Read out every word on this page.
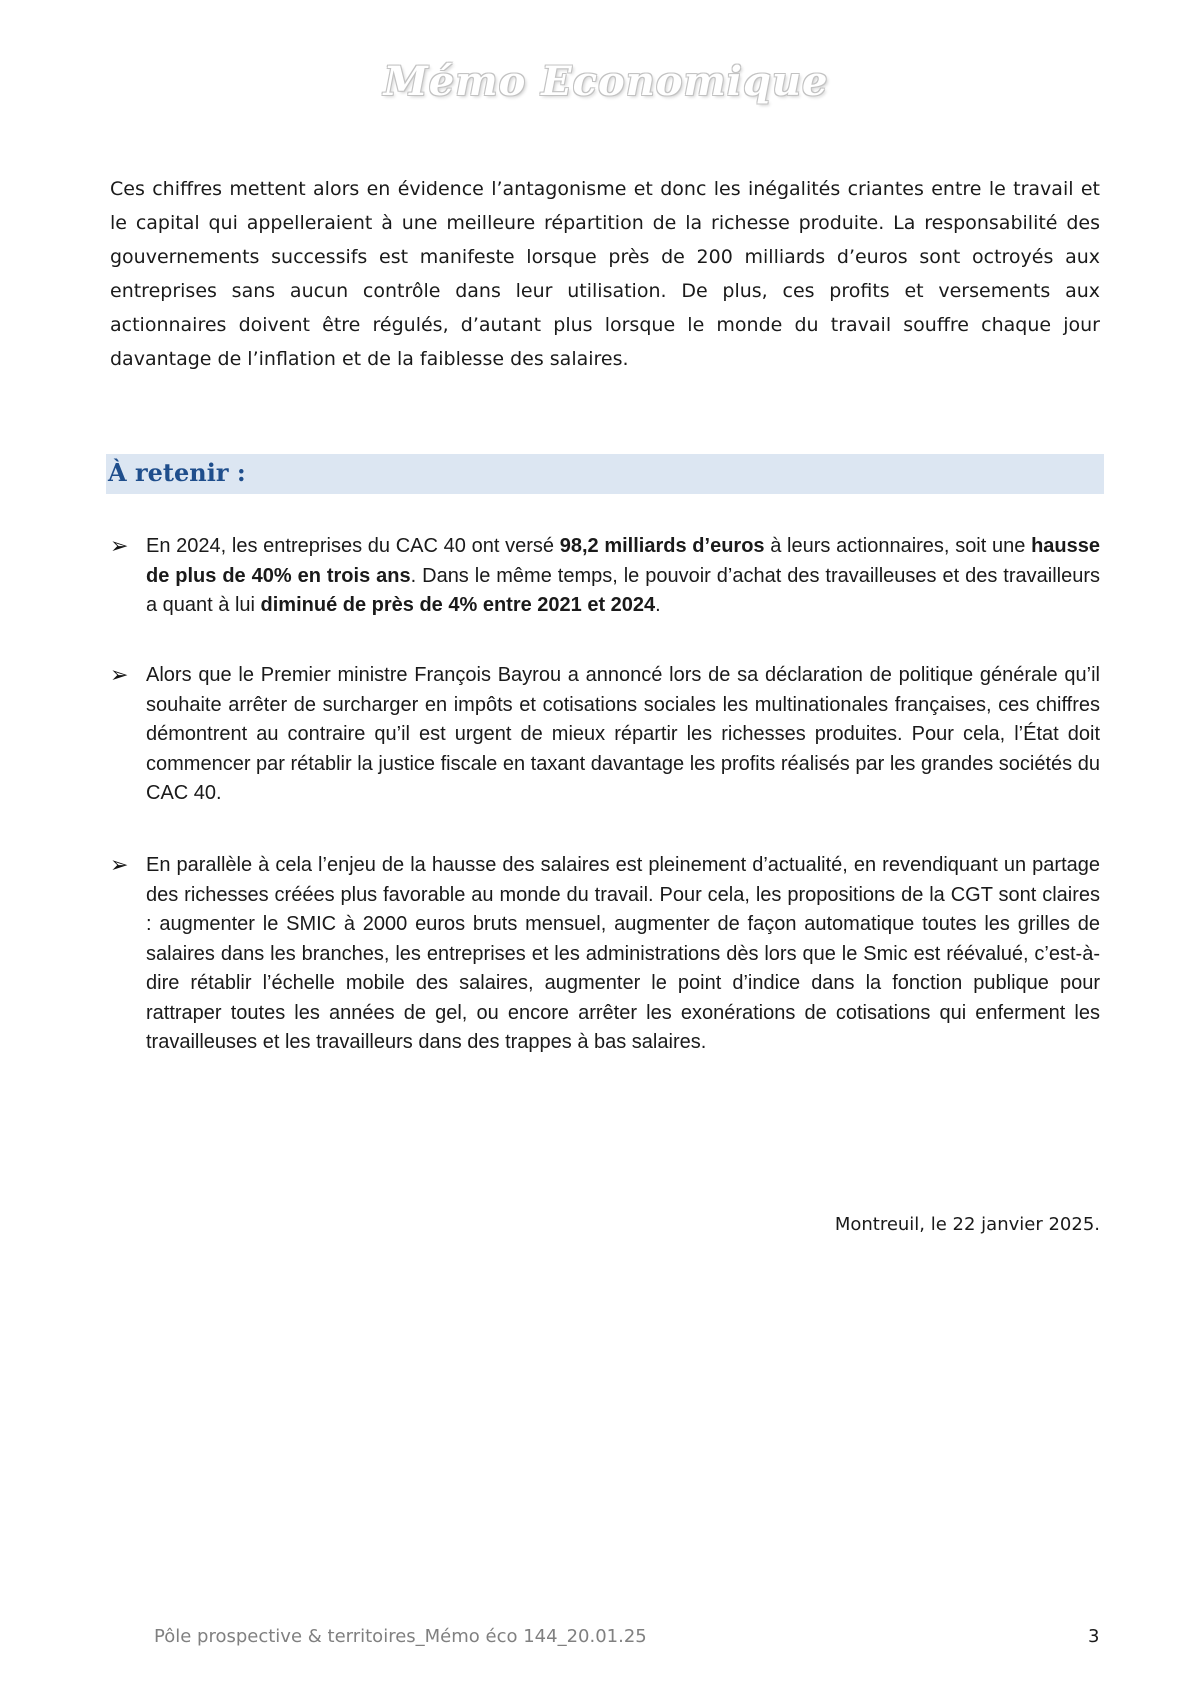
Mémo Economique

Ces chiffres mettent alors en évidence l’antagonisme et donc les inégalités criantes entre le travail et le capital qui appelleraient à une meilleure répartition de la richesse produite. La responsabilité des gouvernements successifs est manifeste lorsque près de 200 milliards d’euros sont octroyés aux entreprises sans aucun contrôle dans leur utilisation. De plus, ces profits et versements aux actionnaires doivent être régulés, d’autant plus lorsque le monde du travail souffre chaque jour davantage de l’inflation et de la faiblesse des salaires.

À retenir :
➢ En 2024, les entreprises du CAC 40 ont versé 98,2 milliards d’euros à leurs actionnaires, soit une hausse de plus de 40% en trois ans. Dans le même temps, le pouvoir d’achat des travailleuses et des travailleurs a quant à lui diminué de près de 4% entre 2021 et 2024.

➢ Alors que le Premier ministre François Bayrou a annoncé lors de sa déclaration de politique générale qu’il souhaite arrêter de surcharger en impôts et cotisations sociales les multinationales françaises, ces chiffres démontrent au contraire qu’il est urgent de mieux répartir les richesses produites. Pour cela, l’État doit commencer par rétablir la justice fiscale en taxant davantage les profits réalisés par les grandes sociétés du CAC 40.

➢ En parallèle à cela l’enjeu de la hausse des salaires est pleinement d’actualité, en revendiquant un partage des richesses créées plus favorable au monde du travail. Pour cela, les propositions de la CGT sont claires : augmenter le SMIC à 2000 euros bruts mensuel, augmenter de façon automatique toutes les grilles de salaires dans les branches, les entreprises et les administrations dès lors que le Smic est réévalué, c’est-à-dire rétablir l’échelle mobile des salaires, augmenter le point d’indice dans la fonction publique pour rattraper toutes les années de gel, ou encore arrêter les exonérations de cotisations qui enferment les travailleuses et les travailleurs dans des trappes à bas salaires.

Montreuil, le 22 janvier 2025.
Pôle prospective & territoires_Mémo éco 144_20.01.25	3
